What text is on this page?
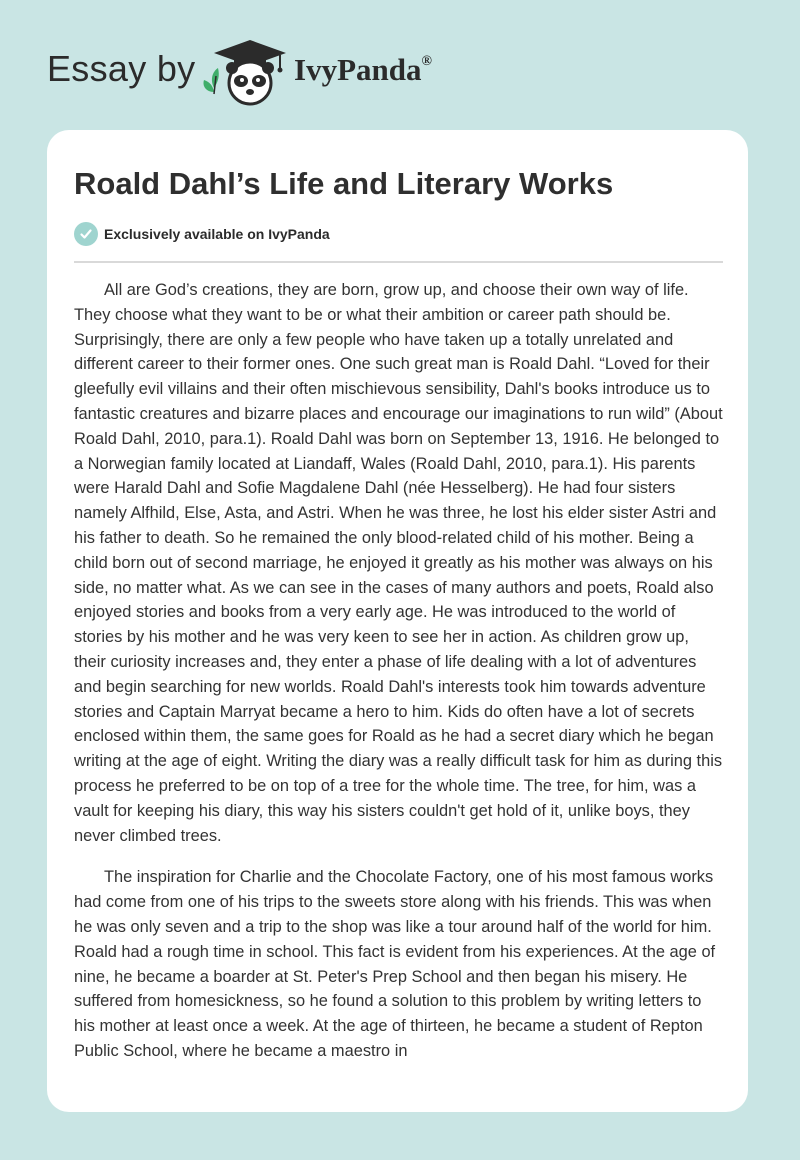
Essay by	IvyPanda®
Roald Dahl’s Life and Literary Works
Exclusively available on IvyPanda

All are God’s creations, they are born, grow up, and choose their own way of life. They choose what they want to be or what their ambition or career path should be. Surprisingly, there are only a few people who have taken up a totally unrelated and different career to their former ones. One such great man is Roald Dahl. “Loved for their gleefully evil villains and their often mischievous sensibility, Dahl's books introduce us to fantastic creatures and bizarre places and encourage our imaginations to run wild” (About Roald Dahl, 2010, para.1). Roald Dahl was born on September 13, 1916. He belonged to a Norwegian family located at Liandaff, Wales (Roald Dahl, 2010, para.1). His parents were Harald Dahl and Sofie Magdalene Dahl (née Hesselberg). He had four sisters namely Alfhild, Else, Asta, and Astri. When he was three, he lost his elder sister Astri and his father to death. So he remained the only blood-related child of his mother. Being a child born out of second marriage, he enjoyed it greatly as his mother was always on his side, no matter what. As we can see in the cases of many authors and poets, Roald also enjoyed stories and books from a very early age. He was introduced to the world of stories by his mother and he was very keen to see her in action. As children grow up, their curiosity increases and, they enter a phase of life dealing with a lot of adventures and begin searching for new worlds. Roald Dahl's interests took him towards adventure stories and Captain Marryat became a hero to him. Kids do often have a lot of secrets enclosed within them, the same goes for Roald as he had a secret diary which he began writing at the age of eight. Writing the diary was a really difficult task for him as during this process he preferred to be on top of a tree for the whole time. The tree, for him, was a vault for keeping his diary, this way his sisters couldn't get hold of it, unlike boys, they never climbed trees.

The inspiration for Charlie and the Chocolate Factory, one of his most famous works had come from one of his trips to the sweets store along with his friends. This was when he was only seven and a trip to the shop was like a tour around half of the world for him. Roald had a rough time in school. This fact is evident from his experiences. At the age of nine, he became a boarder at St. Peter's Prep School and then began his misery. He suffered from homesickness, so he found a solution to this problem by writing letters to his mother at least once a week. At the age of thirteen, he became a student of Repton Public School, where he became a maestro in
